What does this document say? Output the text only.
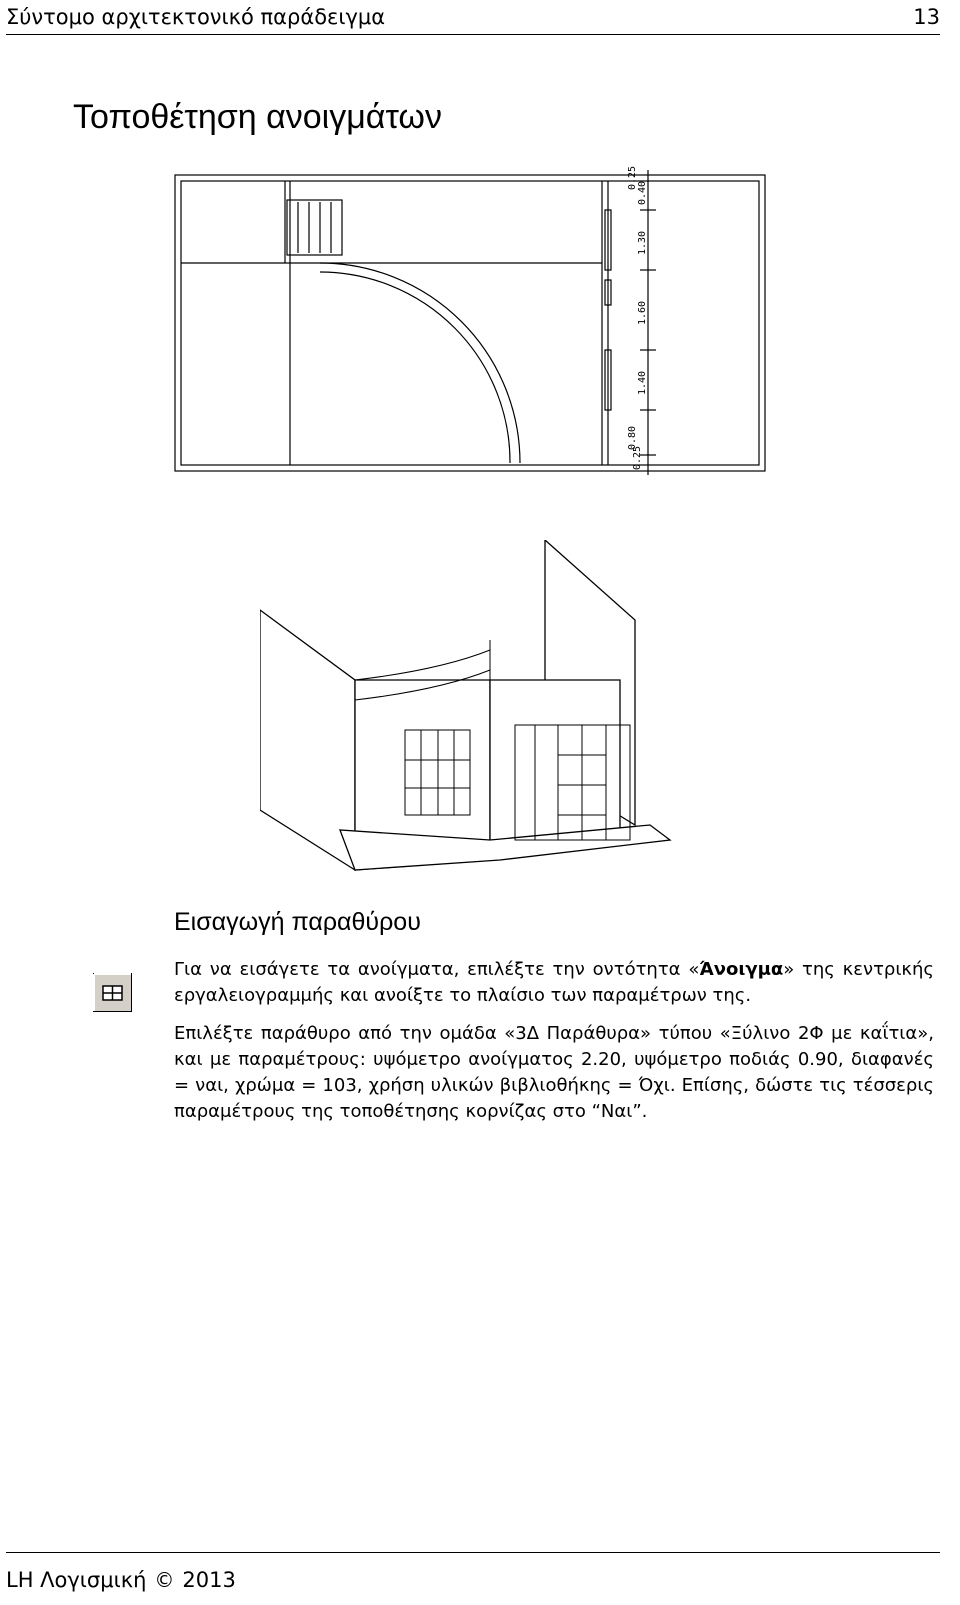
Σύντομο αρχιτεκτονικό παράδειγμα	13
Τοποθέτηση ανοιγμάτων
0.25
0.40
1.30
1.60
1.40
0.80
0.25
Εισαγωγή παραθύρου
Για να εισάγετε τα ανοίγματα, επιλέξτε την οντότητα «Άνοιγμα» της κεντρικής εργαλειογραμμής και ανοίξτε το πλαίσιο των παραμέτρων της.
Επιλέξτε παράθυρο από την ομάδα «3Δ Παράθυρα» τύπου «Ξύλινο 2Φ με καΐτια», και με παραμέτρους: υψόμετρο ανοίγματος 2.20, υψόμετρο ποδιάς 0.90, διαφανές = ναι, χρώμα = 103, χρήση υλικών βιβλιοθήκης = Όχι. Επίσης, δώστε τις τέσσερις παραμέτρους της τοποθέτησης κορνίζας στο “Ναι”.
LH Λογισμική © 2013
